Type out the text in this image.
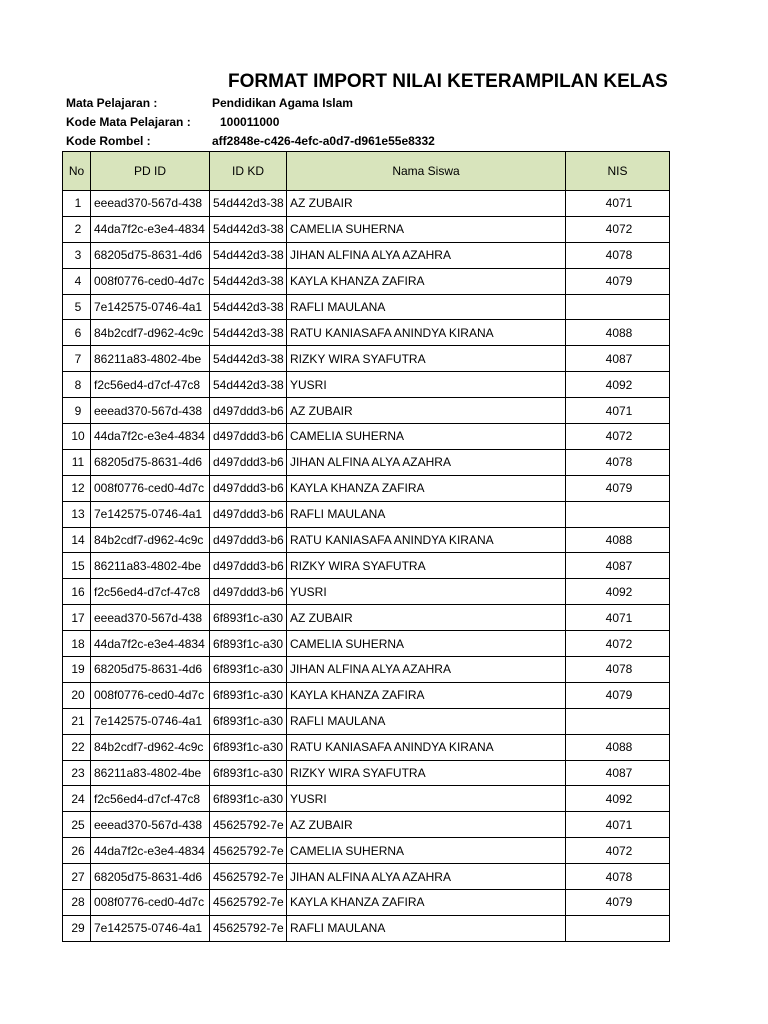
FORMAT IMPORT NILAI KETERAMPILAN KELAS
Mata Pelajaran :	Pendidikan Agama Islam
Kode Mata Pelajaran : 100011000
Kode Rombel :	aff2848e-c426-4efc-a0d7-d961e55e8332
No	PD ID	ID KD	Nama Siswa	NIS
1	eeead370-567d-438	54d442d3-38	AZ ZUBAIR	4071
2	44da7f2c-e3e4-4834	54d442d3-38	CAMELIA SUHERNA	4072
3	68205d75-8631-4d6	54d442d3-38	JIHAN ALFINA ALYA AZAHRA	4078
4	008f0776-ced0-4d7c	54d442d3-38	KAYLA KHANZA ZAFIRA	4079
5	7e142575-0746-4a1	54d442d3-38	RAFLI MAULANA	
6	84b2cdf7-d962-4c9c	54d442d3-38	RATU KANIASAFA ANINDYA KIRANA	4088
7	86211a83-4802-4be	54d442d3-38	RIZKY WIRA SYAFUTRA	4087
8	f2c56ed4-d7cf-47c8	54d442d3-38	YUSRI	4092
9	eeead370-567d-438	d497ddd3-b6	AZ ZUBAIR	4071
10	44da7f2c-e3e4-4834	d497ddd3-b6	CAMELIA SUHERNA	4072
11	68205d75-8631-4d6	d497ddd3-b6	JIHAN ALFINA ALYA AZAHRA	4078
12	008f0776-ced0-4d7c	d497ddd3-b6	KAYLA KHANZA ZAFIRA	4079
13	7e142575-0746-4a1	d497ddd3-b6	RAFLI MAULANA	
14	84b2cdf7-d962-4c9c	d497ddd3-b6	RATU KANIASAFA ANINDYA KIRANA	4088
15	86211a83-4802-4be	d497ddd3-b6	RIZKY WIRA SYAFUTRA	4087
16	f2c56ed4-d7cf-47c8	d497ddd3-b6	YUSRI	4092
17	eeead370-567d-438	6f893f1c-a30	AZ ZUBAIR	4071
18	44da7f2c-e3e4-4834	6f893f1c-a30	CAMELIA SUHERNA	4072
19	68205d75-8631-4d6	6f893f1c-a30	JIHAN ALFINA ALYA AZAHRA	4078
20	008f0776-ced0-4d7c	6f893f1c-a30	KAYLA KHANZA ZAFIRA	4079
21	7e142575-0746-4a1	6f893f1c-a30	RAFLI MAULANA	
22	84b2cdf7-d962-4c9c	6f893f1c-a30	RATU KANIASAFA ANINDYA KIRANA	4088
23	86211a83-4802-4be	6f893f1c-a30	RIZKY WIRA SYAFUTRA	4087
24	f2c56ed4-d7cf-47c8	6f893f1c-a30	YUSRI	4092
25	eeead370-567d-438	45625792-7e	AZ ZUBAIR	4071
26	44da7f2c-e3e4-4834	45625792-7e	CAMELIA SUHERNA	4072
27	68205d75-8631-4d6	45625792-7e	JIHAN ALFINA ALYA AZAHRA	4078
28	008f0776-ced0-4d7c	45625792-7e	KAYLA KHANZA ZAFIRA	4079
29	7e142575-0746-4a1	45625792-7e	RAFLI MAULANA	
